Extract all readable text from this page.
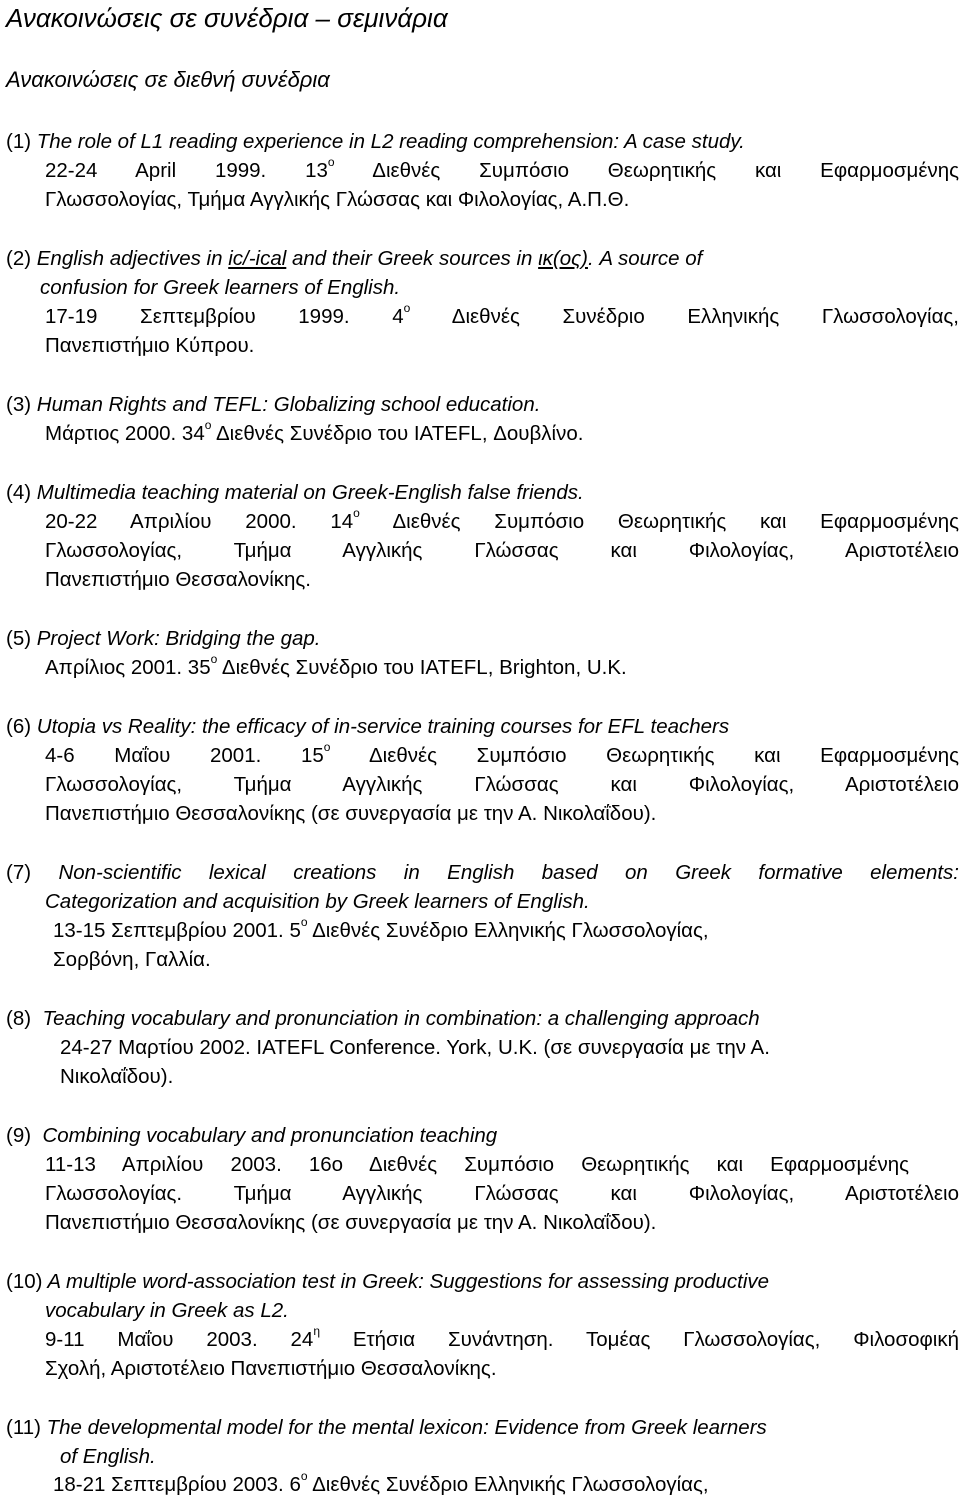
Ανακοινώσεις σε συνέδρια – σεμινάρια
Ανακοινώσεις σε διεθνή συνέδρια
(1) The role of L1 reading experience in L2 reading comprehension: A case study.
22-24 April 1999. $13^o$ Διεθνές Συμπόσιο Θεωρητικής και Εφαρμοσμένης
Γλωσσολογίας, Τμήμα Αγγλικής Γλώσσας και Φιλολογίας, Α.Π.Θ.
(2) English adjectives in ic/-ical and their Greek sources in ικ(ος). A source of
confusion for Greek learners of English.
17-19 Σεπτεμβρίου 1999. $4^o$ Διεθνές Συνέδριο Ελληνικής Γλωσσολογίας,
Πανεπιστήμιο Κύπρου.
(3) Human Rights and TEFL: Globalizing school education.
Μάρτιος 2000. $34^o$ Διεθνές Συνέδριο του IATEFL, Δουβλίνο.
(4) Multimedia teaching material on Greek-English false friends.
20-22 Απριλίου 2000. $14^o$ Διεθνές Συμπόσιο Θεωρητικής και Εφαρμοσμένης
Γλωσσολογίας, Τμήμα Αγγλικής Γλώσσας και Φιλολογίας, Αριστοτέλειο
Πανεπιστήμιο Θεσσαλονίκης.
(5) Project Work: Bridging the gap.
Απρίλιος 2001. $35^o$ Διεθνές Συνέδριο του IATEFL, Brighton, U.K.
(6) Utopia vs Reality: the efficacy of in-service training courses for EFL teachers
4-6 Μαΐου 2001. $15^o$ Διεθνές Συμπόσιο Θεωρητικής και Εφαρμοσμένης
Γλωσσολογίας, Τμήμα Αγγλικής Γλώσσας και Φιλολογίας, Αριστοτέλειο
Πανεπιστήμιο Θεσσαλονίκης (σε συνεργασία με την Α. Νικολαΐδου).
(7) Non-scientific lexical creations in English based on Greek formative elements:
Categorization and acquisition by Greek learners of English.
13-15 Σεπτεμβρίου 2001. $5^o$ Διεθνές Συνέδριο Ελληνικής Γλωσσολογίας,
Σορβόνη, Γαλλία.
(8) Teaching vocabulary and pronunciation in combination: a challenging approach
24-27 Μαρτίου 2002. IATEFL Conference. York, U.K. (σε συνεργασία με την Α.
Νικολαΐδου).
(9) Combining vocabulary and pronunciation teaching
11-13 Απριλίου 2003. 16ο Διεθνές Συμπόσιο Θεωρητικής και Εφαρμοσμένης
Γλωσσολογίας. Τμήμα Αγγλικής Γλώσσας και Φιλολογίας, Αριστοτέλειο
Πανεπιστήμιο Θεσσαλονίκης (σε συνεργασία με την Α. Νικολαΐδου).
(10) A multiple word-association test in Greek: Suggestions for assessing productive
vocabulary in Greek as L2.
9-11 Μαΐου 2003. $24^\eta$ Ετήσια Συνάντηση. Τομέας Γλωσσολογίας, Φιλοσοφική
Σχολή, Αριστοτέλειο Πανεπιστήμιο Θεσσαλονίκης.
(11) The developmental model for the mental lexicon: Evidence from Greek learners
of English.
18-21 Σεπτεμβρίου 2003. $6^o$ Διεθνές Συνέδριο Ελληνικής Γλωσσολογίας,
